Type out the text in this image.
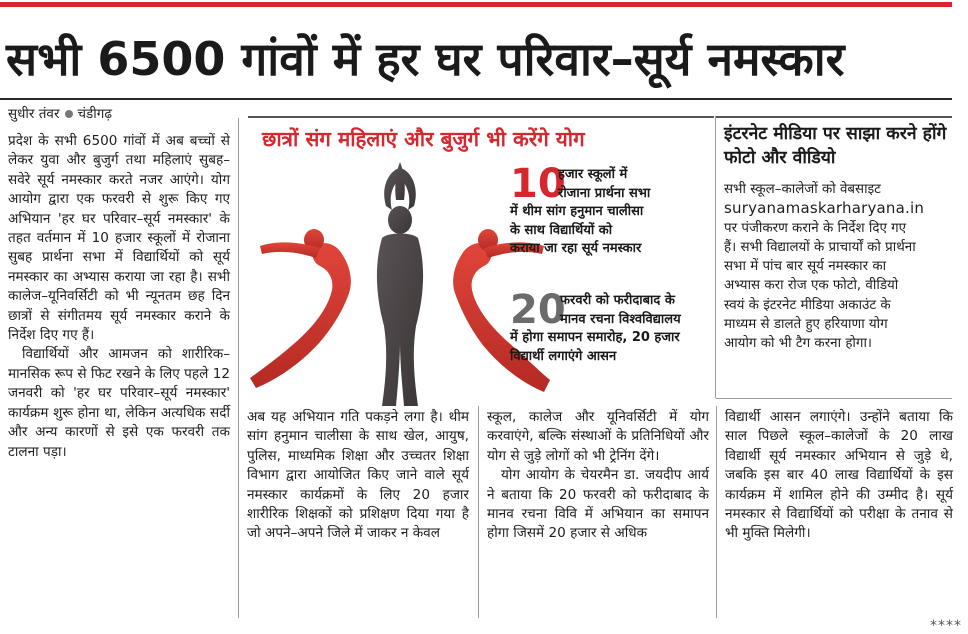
सभी 6500 गांवों में हर घर परिवार–सूर्य नमस्कार
सुधीर तंवर चंडीगढ़

प्रदेश के सभी 6500 गांवों में अब बच्चों से लेकर युवा और बुजुर्ग तथा महिलाएं सुबह–सवेरे सूर्य नमस्कार करते नजर आएंगे। योग आयोग द्वारा एक फरवरी से शुरू किए गए अभियान 'हर घर परिवार–सूर्य नमस्कार' के तहत वर्तमान में 10 हजार स्कूलों में रोजाना सुबह प्रार्थना सभा में विद्यार्थियों को सूर्य नमस्कार का अभ्यास कराया जा रहा है। सभी कालेज–यूनिवर्सिटी को भी न्यूनतम छह दिन छात्रों से संगीतमय सूर्य नमस्कार कराने के निर्देश दिए गए हैं।

विद्यार्थियों और आमजन को शारीरिक–मानसिक रूप से फिट रखने के लिए पहले 12 जनवरी को 'हर घर परिवार–सूर्य नमस्कार' कार्यक्रम शुरू होना था, लेकिन अत्यधिक सर्दी और अन्य कारणों से इसे एक फरवरी तक टालना पड़ा।

छात्रों संग महिलाएं और बुजुर्ग भी करेंगे योग
10
हजार स्कूलों में
रोजाना प्रार्थना सभा
में थीम सांग हनुमान चालीसा
के साथ विद्यार्थियों को
कराया जा रहा सूर्य नमस्कार
20
फरवरी को फरीदाबाद के
मानव रचना विश्वविद्यालय
में होगा समापन समारोह, 20 हजार
विद्यार्थी लगाएंगे आसन
इंटरनेट मीडिया पर साझा करने होंगे फोटो और वीडियो
सभी स्कूल–कालेजों को वेबसाइट
suryanamaskarharyana.in
पर पंजीकरण कराने के निर्देश दिए गए
हैं। सभी विद्यालयों के प्राचार्यों को प्रार्थना
सभा में पांच बार सूर्य नमस्कार का
अभ्यास करा रोज एक फोटो, वीडियो
स्वयं के इंटरनेट मीडिया अकाउंट के
माध्यम से डालते हुए हरियाणा योग
आयोग को भी टैग करना होगा।

अब यह अभियान गति पकड़ने लगा है। थीम सांग हनुमान चालीसा के साथ खेल, आयुष, पुलिस, माध्यमिक शिक्षा और उच्चतर शिक्षा विभाग द्वारा आयोजित किए जाने वाले सूर्य नमस्कार कार्यक्रमों के लिए 20 हजार शारीरिक शिक्षकों को प्रशिक्षण दिया गया है जो अपने–अपने जिले में जाकर न केवल

स्कूल, कालेज और यूनिवर्सिटी में योग करवाएंगे, बल्कि संस्थाओं के प्रतिनिधियों और योग से जुड़े लोगों को भी ट्रेनिंग देंगे।

योग आयोग के चेयरमैन डा. जयदीप आर्य ने बताया कि 20 फरवरी को फरीदाबाद के मानव रचना विवि में अभियान का समापन होगा जिसमें 20 हजार से अधिक

विद्यार्थी आसन लगाएंगे। उन्होंने बताया कि साल पिछले स्कूल–कालेजों के 20 लाख विद्यार्थी सूर्य नमस्कार अभियान से जुड़े थे, जबकि इस बार 40 लाख विद्यार्थियों के इस कार्यक्रम में शामिल होने की उम्मीद है। सूर्य नमस्कार से विद्यार्थियों को परीक्षा के तनाव से भी मुक्ति मिलेगी।

****
